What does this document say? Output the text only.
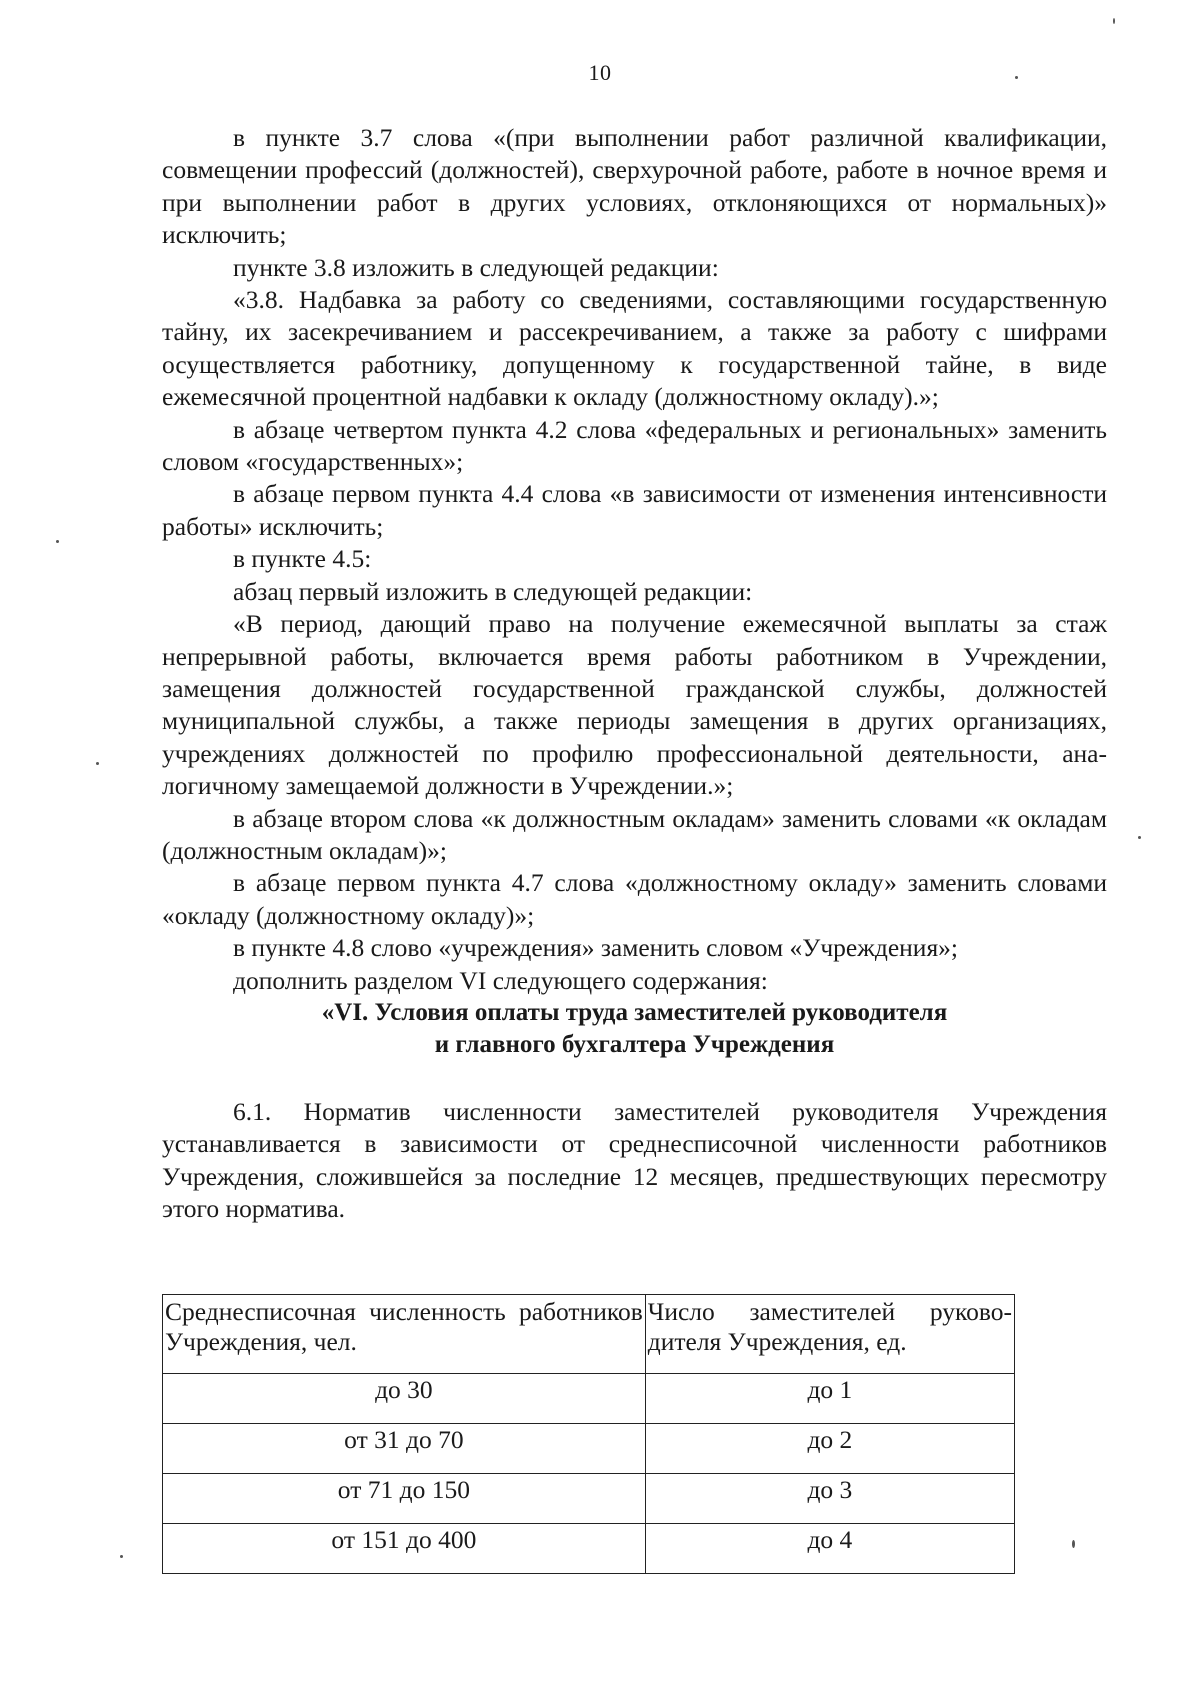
10

в пункте 3.7 слова «(при выполнении работ различной квалификации, совмещении профессий (должностей), сверхурочной работе, работе в ночное время и при выполнении работ в других условиях, отклоняющихся от нормальных)» исключить;

пункте 3.8 изложить в следующей редакции:

«3.8. Надбавка за работу со сведениями, составляющими государственную тайну, их засекречиванием и рассекречиванием, а также за работу с шифрами осуществляется работнику, допущенному к государственной тайне, в виде ежемесячной процентной надбавки к окладу (должностному окладу).»;

в абзаце четвертом пункта 4.2 слова «федеральных и региональных» заменить словом «государственных»;

в абзаце первом пункта 4.4 слова «в зависимости от изменения интенсивности работы» исключить;

в пункте 4.5:

абзац первый изложить в следующей редакции:

«В период, дающий право на получение ежемесячной выплаты за стаж непрерывной работы, включается время работы работником в Учреждении, замещения должностей государственной гражданской службы, должностей муниципальной службы, а также периоды замещения в других организациях, учреждениях должностей по профилю профессиональной деятельности, аналогичному замещаемой должности в Учреждении.»;

в абзаце втором слова «к должностным окладам» заменить словами «к окладам (должностным окладам)»;

в абзаце первом пункта 4.7 слова «должностному окладу» заменить словами «окладу (должностному окладу)»;

в пункте 4.8 слово «учреждения» заменить словом «Учреждения»;

дополнить разделом VI следующего содержания:

«VI. Условия оплаты труда заместителей руководителя
и главного бухгалтера Учреждения

6.1. Норматив численности заместителей руководителя Учреждения устанавливается в зависимости от среднесписочной численности работников Учреждения, сложившейся за последние 12 месяцев, предшествующих пересмотру этого норматива.

Среднесписочная численность работников Учреждения, чел.	Число заместителей руководителя Учреждения, ед.
до 30	до 1
от 31 до 70	до 2
от 71 до 150	до 3
от 151 до 400	до 4
